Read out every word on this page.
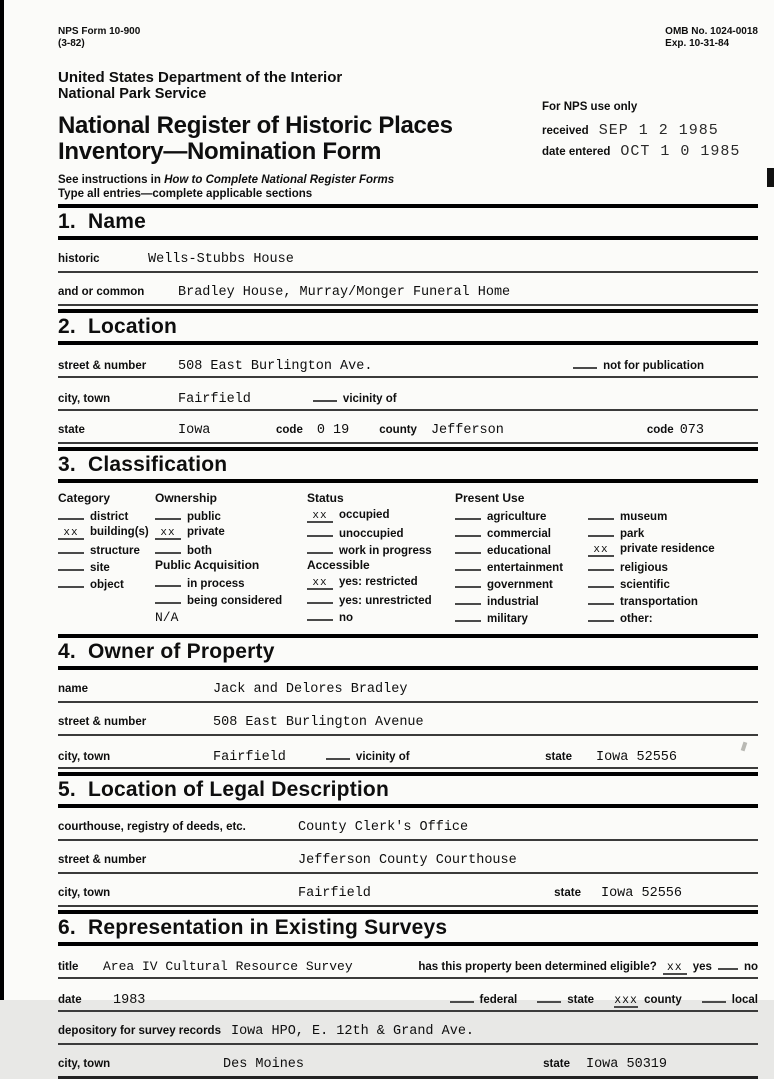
NPS Form 10-900
(3-82)
OMB No. 1024-0018
Exp. 10-31-84
United States Department of the Interior
National Park Service
National Register of Historic Places
Inventory—Nomination Form
For NPS use only
received SEP 1 2 1985
date entered OCT 1 0 1985
See instructions in How to Complete National Register Forms
Type all entries—complete applicable sections
1.  Name
historic	Wells-Stubbs House
and or common	Bradley House, Murray/Monger Funeral Home
2.  Location
street & number	508 East Burlington Ave.	not for publication
city, town	Fairfield	vicinity of
state	Iowa	code 0 19	county Jefferson	code 073
3.  Classification
Category
district
xx building(s)
structure
site
object
Ownership
public
xx private
both
Public Acquisition
in process
being considered
N/A
Status
xx occupied
unoccupied
work in progress
Accessible
xx yes: restricted
yes: unrestricted
no
Present Use
agriculture
commercial
educational
entertainment
government
industrial
military
museum
park
xx private residence
religious
scientific
transportation
other:
4.  Owner of Property
name	Jack and Delores Bradley
street & number	508 East Burlington Avenue
city, town	Fairfield	vicinity of	state Iowa 52556
5.  Location of Legal Description
courthouse, registry of deeds, etc.	County Clerk's Office
street & number	Jefferson County Courthouse
city, town	Fairfield	state Iowa 52556
6.  Representation in Existing Surveys
title	Area IV Cultural Resource Survey	has this property been determined eligible? xx yes	no
date	1983	federal	state xxx county	local
depository for survey records Iowa HPO, E. 12th & Grand Ave.
city, town	Des Moines	state Iowa 50319
